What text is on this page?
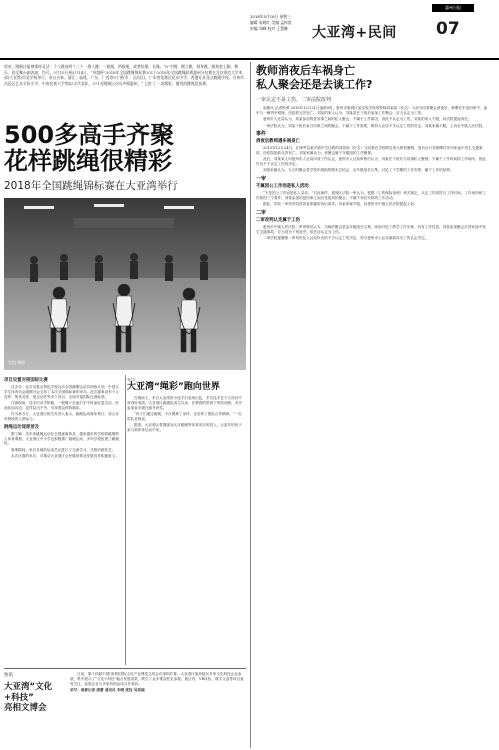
2018年5月16日 星期三
编辑 易晓红 美编 孟梓萱
审编 刘峰 校对 王慧琳
惠州日报
大亚湾+民间 07
原来，跳绳还能够那样灵活：个人跳成两个三个一群人跳；一根绳，两根绳，或者铅绳、长绳；“8”字跳、侧立跳、倒身跳、跳和套土脚、舞乐、甚至舞台剧表演，均可。5月10日到5月14日，“卓越杯”2018年全国跳绳锦标赛2017-2018年全国跳绳联赛惠州分站赛在北京师范大学本部(大亚湾)实验学校举行，来自吉林、浙江、福建、广东、广西等9个省(市、自治区)，广东省花都区花东中学、香港专业花式跳绳学校、吉林市昌邑区艺术实验小学、中南民族大学等42支代表队，571名跳绳运动员齐聚惠州，“上演”了一场精彩、激烈的跳绳竞技赛。
500多高手齐聚
花样跳绳很精彩
2018年全国跳绳锦标赛在大亚湾举行
吴凯 摄影
教师消夜后车祸身亡
私人聚会还是去谈工作?
一审认定不是工伤，二审法院改判

南都讯 记者程勇 2015年12月21日凌晨0时，惠州市惠城区某实验学校的教师刘某某（化名）与部分同事聚会消夜后，骑摩托车返回家中，途中与一辆货车相撞，经抢救无效死亡。刘某的家人认为，刘某是在下班后参加工作聚会，应当认定为工伤。

惠州市人社局认为，刘某参加的是同事之间的私人聚会，不属于工作原因，因此不认定为工伤。刘某的家人不服，向法院提起诉讼。

一审法院认为，刘某下班后参与同事之间的聚会，不属于工作需要，维持人社局不予认定工伤的决定。刘某家属不服，上诉至中级人民法院。

事件
消夜后教师遇车祸身亡

2015年12月24日，在博罗县某乡镇中学任教的刘老师（化名）与同事在学校附近的大排档聚餐，饭后自行驾驶摩托车回家途中发生交通事故，经医院抢救无效死亡。刘某家属认为，该聚会属于年级组的工作聚餐。

此后，刘某家人向惠州市人社局申请工伤认定，惠州市人社局审核后认为，刘某在下班后与同事私人聚餐，不属于工作时间和工作场所，因此作出不予认定工伤的决定。

刘某家属认为，当天的聚会是学校年级组的期末总结会，由年级组长召集，讨论了下学期的工作安排，属于工作的延伸。

一审
不属因公工作而是私人活动

“不是因公工作而是私人活动。”对此案件，惠城区法院一审认为，根据《工伤保险条例》相关规定，认定工伤须符合工作时间、工作场所和工作原因三个要件。刘某参加的是同事之间自发组织的聚会，不属于单位安排的工作活动。

据此，法院一审判决驳回刘某家属的诉讼请求。刘某家属不服，向惠州市中级人民法院提起上诉。

二审
二审改判认定属于工伤

惠州市中级人民法院二审审理后认为，当晚的聚会是由年级组长召集，席间讨论了教学工作安排，具有工作性质，刘某参加聚会后回家途中发生交通事故，应当视为下班途中，依法应认定为工伤。

二审法院遂撤销一审判决及人社局作出的不予认定工伤决定，判令惠州市人社局重新作出工伤认定决定。

项目设置对接国际比赛

自去年，北京市重点特色学校启动全国跳绳运动员训练计划，中国大学生体育协会跳绳分会支持了本次全国锦标赛的举办。此次赛事设有个人花样、集体花样、规定动作等多个项目，全面对接国际比赛标准。

比赛现场，选手们身手矫健，一根绳子在他们手中时而轻盈灵动，时而疾如闪电，花样层出不穷，引得观众阵阵喝彩。

作为承办方，大亚湾区相关负责人表示，跳绳运动简单易行，适合各年龄段的人群参与。

跳绳运动逐渐普及

据了解，近年来跳绳运动在全国逐渐普及，越来越多的学校将跳绳纳入体育课程。大亚湾区中小学也积极推广跳绳运动，多所学校组建了跳绳队。

赛事期间，来自各地的运动员还进行了交流学习，互相切磋技艺。

本次比赛的举办，对推动大亚湾区全民健身事业发展具有积极意义。

亮点
大亚湾“绳彩”跑向世界

在赛场上，来自大亚湾的小选手们表现出色，多名选手在个人项目中获得好成绩。大亚湾区跳绳队成立以来，在教练的带领下刻苦训练，多次参加省市级比赛并获奖。

“孩子们通过跳绳，不仅锻炼了身体，还培养了团队合作精神。”一位带队老师说。

据悉，大亚湾区将继续加大对跳绳等体育项目的投入，让更多的孩子参与到体育运动中来。

快讯
大亚湾“文化+科技”
亮相文博会

日前，第十四届中国(深圳)国际文化产业博览交易会在深圳开幕，大亚湾区组织辖区多家文化科技企业参展，集中展示了“文化+科技”融合发展成果，吸引了众多观众驻足参观。展区内，VR体验、数字文创等项目备受关注，参展企业与多家机构达成合作意向。

采写：南都记者 唐蕾 通讯员 李晓 张钰 吴柏瑞
